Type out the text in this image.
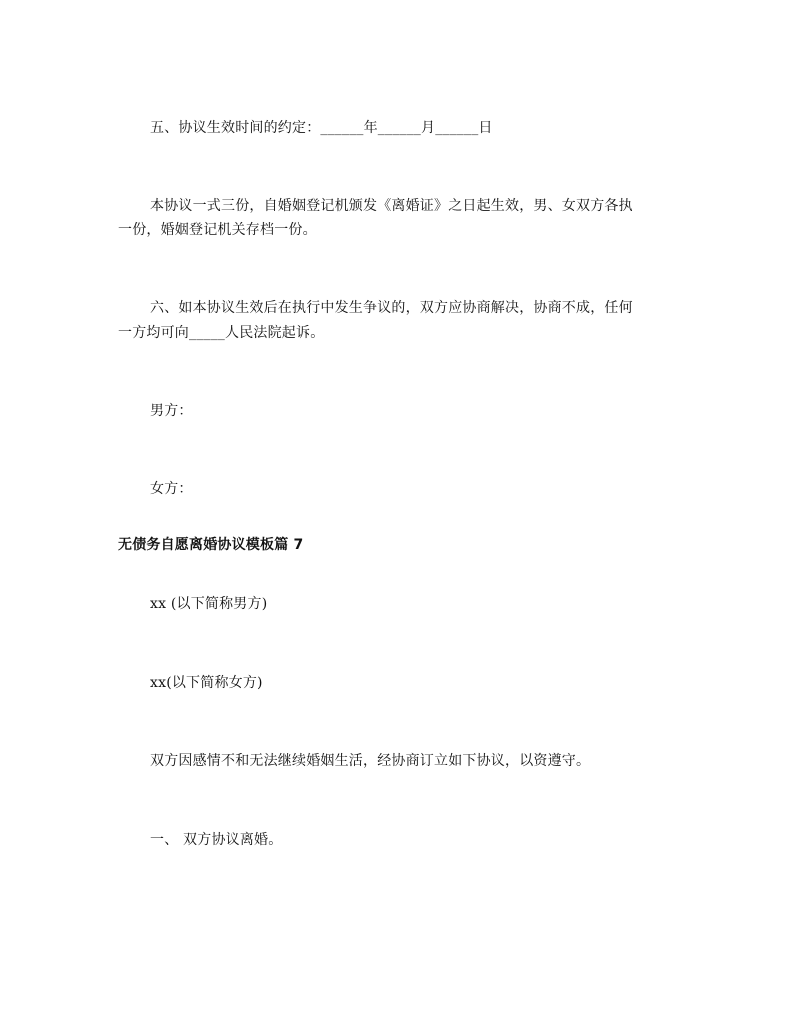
五、协议生效时间的约定：______年______月______日
本协议一式三份，自婚姻登记机颁发《离婚证》之日起生效，男、女双方各执
一份，婚姻登记机关存档一份。
六、如本协议生效后在执行中发生争议的，双方应协商解决，协商不成，任何
一方均可向_____人民法院起诉。
男方：
女方：
无债务自愿离婚协议模板篇 7
xx (以下简称男方)
xx(以下简称女方)
双方因感情不和无法继续婚姻生活，经协商订立如下协议，以资遵守。
一、 双方协议离婚。
